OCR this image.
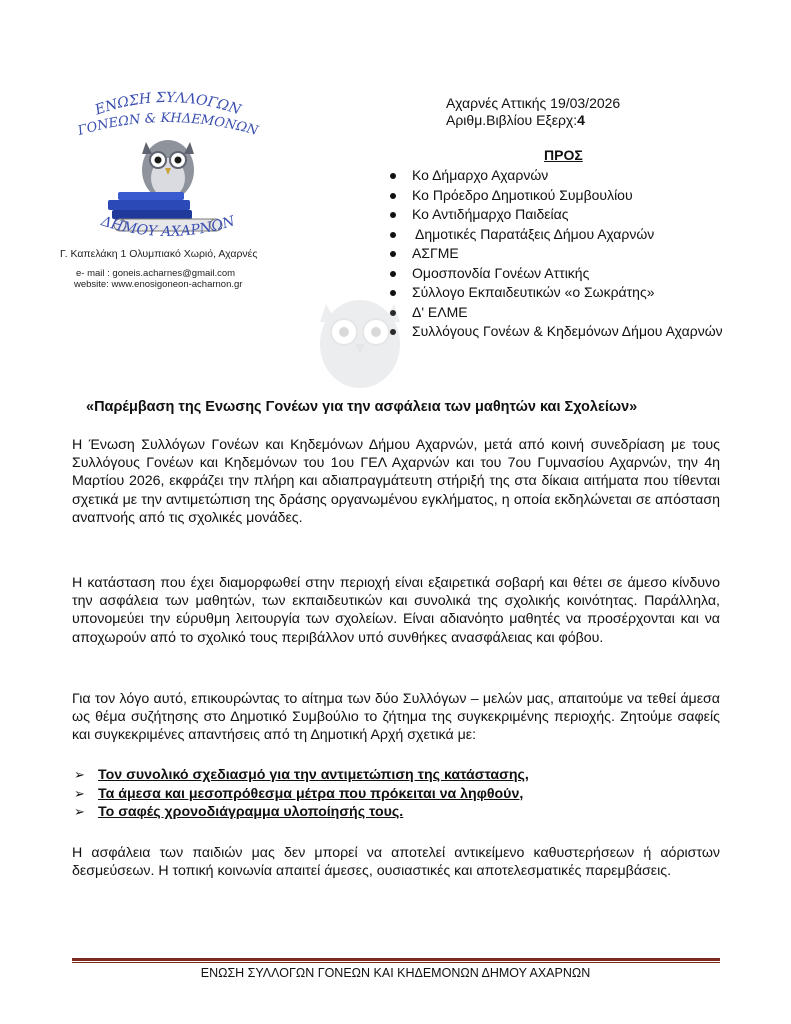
ΕΝΩΣΗ ΣΥΛΛΟΓΩΝ
ΓΟΝΕΩΝ & ΚΗΔΕΜΟΝΩΝ
ΔΗΜΟΥ ΑΧΑΡΝΩΝ
Γ. Καπελάκη 1 Ολυμπιακό Χωριό, Αχαρνές
e- mail : goneis.acharnes@gmail.com
website: www.enosigoneon-acharnon.gr
Αχαρνές Αττικής 19/03/2026
Αριθμ.Βιβλίου Εξερχ:4
ΠΡΟΣ
Κο Δήμαρχο Αχαρνών
Κο Πρόεδρο Δημοτικού Συμβουλίου
Κο Αντιδήμαρχο Παιδείας
Δημοτικές Παρατάξεις Δήμου Αχαρνών
ΑΣΓΜΕ
Ομοσπονδία Γονέων Αττικής
Σύλλογο Εκπαιδευτικών «ο Σωκράτης»
Δ' ΕΛΜΕ
Συλλόγους Γονέων & Κηδεμόνων Δήμου Αχαρνών
«Παρέμβαση της Ενωσης Γονέων για την ασφάλεια των μαθητών και Σχολείων»
Η Ένωση Συλλόγων Γονέων και Κηδεμόνων Δήμου Αχαρνών, μετά από κοινή συνεδρίαση με τους Συλλόγους Γονέων και Κηδεμόνων του 1ου ΓΕΛ Αχαρνών και του 7ου Γυμνασίου Αχαρνών, την 4η Μαρτίου 2026, εκφράζει την πλήρη και αδιαπραγμάτευτη στήριξή της στα δίκαια αιτήματα που τίθενται σχετικά με την αντιμετώπιση της δράσης οργανωμένου εγκλήματος, η οποία εκδηλώνεται σε απόσταση αναπνοής από τις σχολικές μονάδες.
Η κατάσταση που έχει διαμορφωθεί στην περιοχή είναι εξαιρετικά σοβαρή και θέτει σε άμεσο κίνδυνο την ασφάλεια των μαθητών, των εκπαιδευτικών και συνολικά της σχολικής κοινότητας. Παράλληλα, υπονομεύει την εύρυθμη λειτουργία των σχολείων. Είναι αδιανόητο μαθητές να προσέρχονται και να αποχωρούν από το σχολικό τους περιβάλλον υπό συνθήκες ανασφάλειας και φόβου.
Για τον λόγο αυτό, επικουρώντας το αίτημα των δύο Συλλόγων – μελών μας, απαιτούμε να τεθεί άμεσα ως θέμα συζήτησης στο Δημοτικό Συμβούλιο το ζήτημα της συγκεκριμένης περιοχής. Ζητούμε σαφείς και συγκεκριμένες απαντήσεις από τη Δημοτική Αρχή σχετικά με:
➢ Τον συνολικό σχεδιασμό για την αντιμετώπιση της κατάστασης,
➢ Τα άμεσα και μεσοπρόθεσμα μέτρα που πρόκειται να ληφθούν,
➢ Το σαφές χρονοδιάγραμμα υλοποίησής τους.
Η ασφάλεια των παιδιών μας δεν μπορεί να αποτελεί αντικείμενο καθυστερήσεων ή αόριστων δεσμεύσεων. Η τοπική κοινωνία απαιτεί άμεσες, ουσιαστικές και αποτελεσματικές παρεμβάσεις.
ΕΝΩΣΗ ΣΥΛΛΟΓΩΝ ΓΟΝΕΩΝ ΚΑΙ ΚΗΔΕΜΟΝΩΝ ΔΗΜΟΥ ΑΧΑΡΝΩΝ
